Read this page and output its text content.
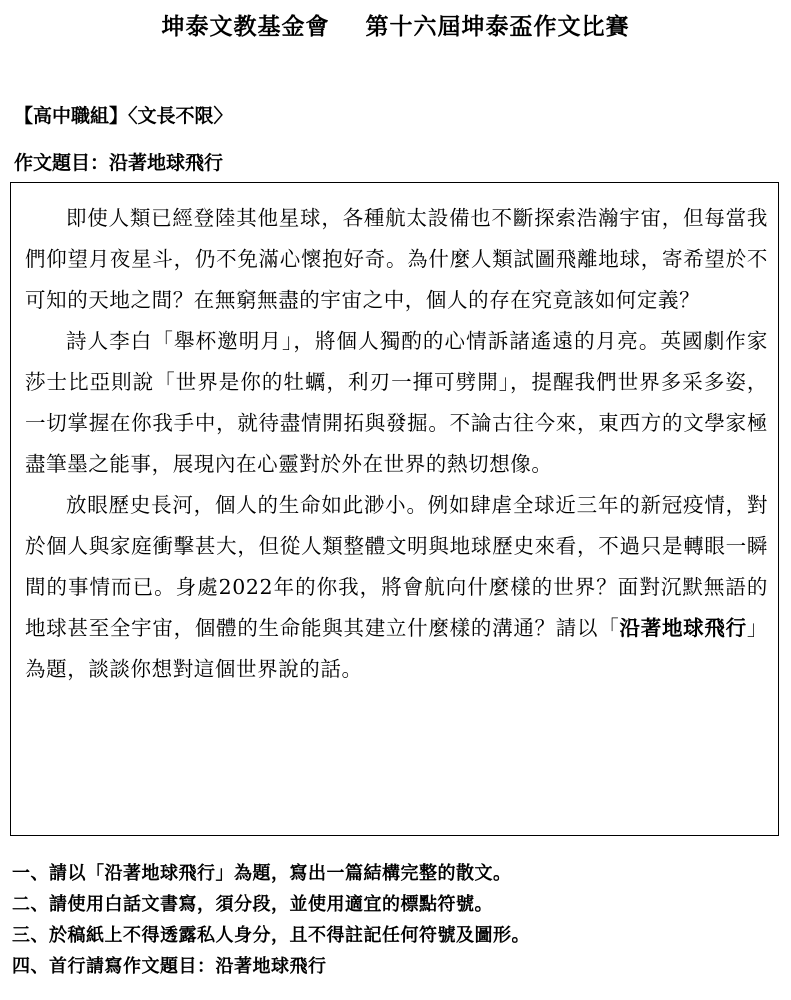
坤泰文教基金會 第十六屆坤泰盃作文比賽
【高中職組】〈文長不限〉
作文題目：沿著地球飛行

即使人類已經登陸其他星球，各種航太設備也不斷探索浩瀚宇宙，但每當我們仰望月夜星斗，仍不免滿心懷抱好奇。為什麼人類試圖飛離地球，寄希望於不可知的天地之間？在無窮無盡的宇宙之中，個人的存在究竟該如何定義？

詩人李白「舉杯邀明月」，將個人獨酌的心情訴諸遙遠的月亮。英國劇作家莎士比亞則說「世界是你的牡蠣，利刃一揮可劈開」，提醒我們世界多采多姿，一切掌握在你我手中，就待盡情開拓與發掘。不論古往今來，東西方的文學家極盡筆墨之能事，展現內在心靈對於外在世界的熱切想像。

放眼歷史長河，個人的生命如此渺小。例如肆虐全球近三年的新冠疫情，對於個人與家庭衝擊甚大，但從人類整體文明與地球歷史來看，不過只是轉眼一瞬間的事情而已。身處2022年的你我，將會航向什麼樣的世界？面對沉默無語的地球甚至全宇宙，個體的生命能與其建立什麼樣的溝通？請以「沿著地球飛行」為題，談談你想對這個世界說的話。

一、請以「沿著地球飛行」為題，寫出一篇結構完整的散文。
二、請使用白話文書寫，須分段，並使用適宜的標點符號。
三、於稿紙上不得透露私人身分，且不得註記任何符號及圖形。
四、首行請寫作文題目：沿著地球飛行
